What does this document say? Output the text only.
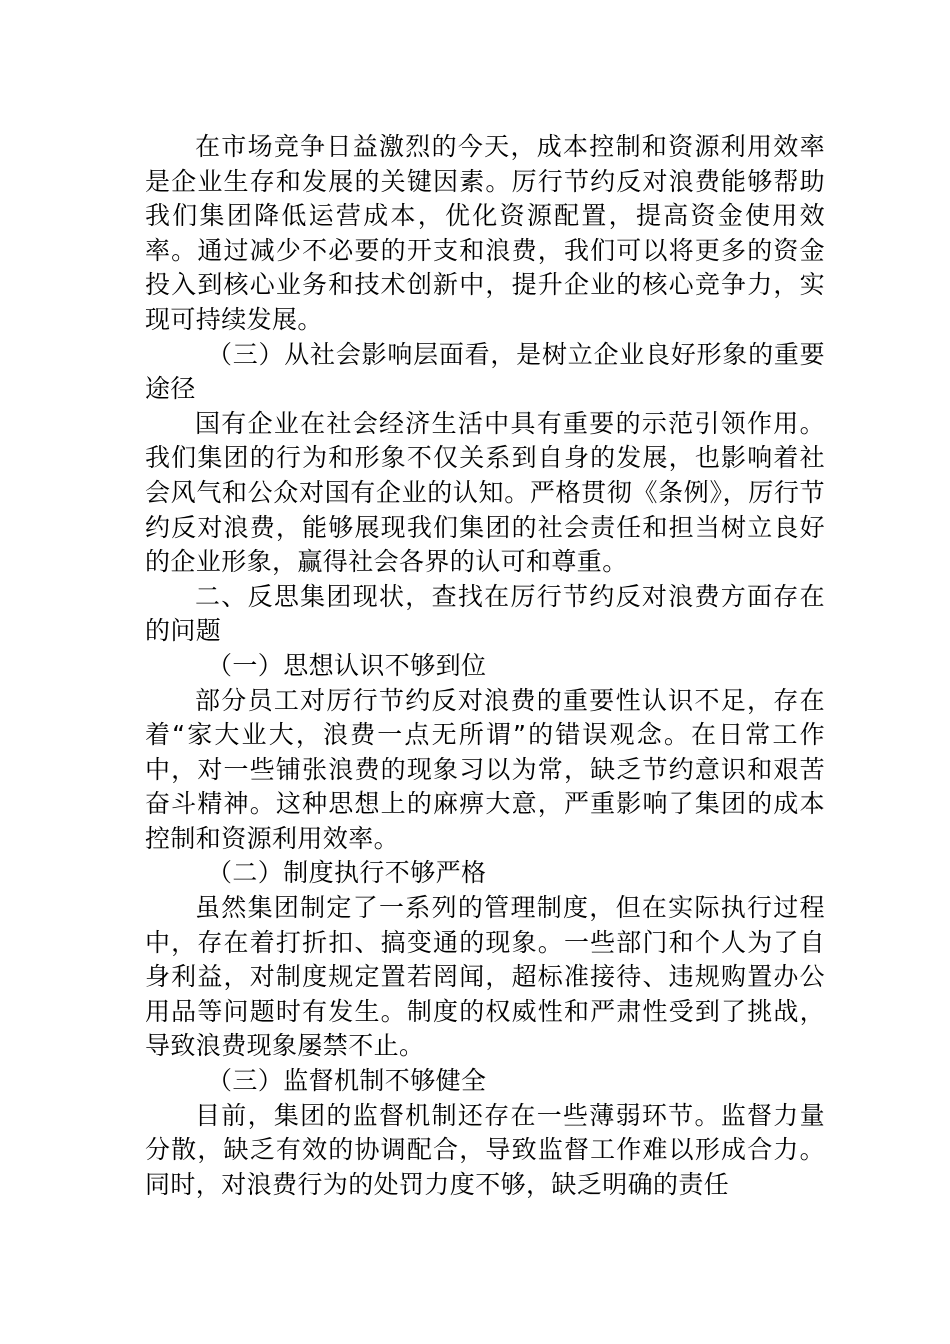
在市场竞争日益激烈的今天，成本控制和资源利用效率是企业生存和发展的关键因素。厉行节约反对浪费能够帮助我们集团降低运营成本，优化资源配置，提高资金使用效率。通过减少不必要的开支和浪费，我们可以将更多的资金投入到核心业务和技术创新中，提升企业的核心竞争力，实现可持续发展。

（三）从社会影响层面看，是树立企业良好形象的重要途径

国有企业在社会经济生活中具有重要的示范引领作用。我们集团的行为和形象不仅关系到自身的发展，也影响着社会风气和公众对国有企业的认知。严格贯彻《条例》，厉行节约反对浪费，能够展现我们集团的社会责任和担当树立良好的企业形象，赢得社会各界的认可和尊重。

二、反思集团现状，查找在厉行节约反对浪费方面存在的问题

（一）思想认识不够到位

部分员工对厉行节约反对浪费的重要性认识不足，存在着“家大业大，浪费一点无所谓”的错误观念。在日常工作中，对一些铺张浪费的现象习以为常，缺乏节约意识和艰苦奋斗精神。这种思想上的麻痹大意，严重影响了集团的成本控制和资源利用效率。

（二）制度执行不够严格

虽然集团制定了一系列的管理制度，但在实际执行过程中，存在着打折扣、搞变通的现象。一些部门和个人为了自身利益，对制度规定置若罔闻，超标准接待、违规购置办公用品等问题时有发生。制度的权威性和严肃性受到了挑战，导致浪费现象屡禁不止。

（三）监督机制不够健全

目前，集团的监督机制还存在一些薄弱环节。监督力量分散，缺乏有效的协调配合，导致监督工作难以形成合力。同时，对浪费行为的处罚力度不够，缺乏明确的责任
